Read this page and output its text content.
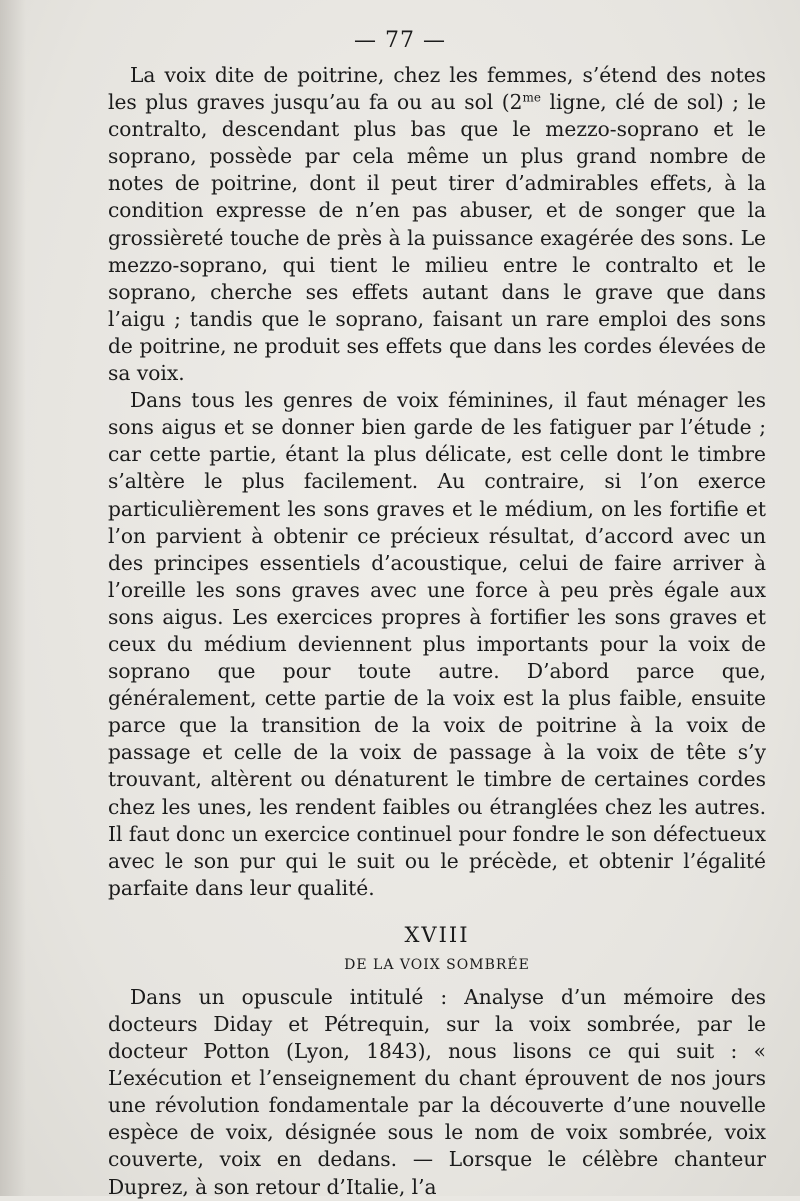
— 77 —

La voix dite de poitrine, chez les femmes, s’étend des notes les plus graves jusqu’au fa ou au sol ($2^{me}$ ligne, clé de sol) ; le contralto, descendant plus bas que le mezzo-soprano et le soprano, possède par cela même un plus grand nombre de notes de poitrine, dont il peut tirer d’admirables effets, à la condition expresse de n’en pas abuser, et de songer que la grossièreté touche de près à la puissance exagérée des sons. Le mezzo-soprano, qui tient le milieu entre le contralto et le soprano, cherche ses effets autant dans le grave que dans l’aigu ; tandis que le soprano, faisant un rare emploi des sons de poitrine, ne produit ses effets que dans les cordes élevées de sa voix.

Dans tous les genres de voix féminines, il faut ménager les sons aigus et se donner bien garde de les fatiguer par l’étude ; car cette partie, étant la plus délicate, est celle dont le timbre s’altère le plus facilement. Au contraire, si l’on exerce particulièrement les sons graves et le médium, on les fortifie et l’on parvient à obtenir ce précieux résultat, d’accord avec un des principes essentiels d’acoustique, celui de faire arriver à l’oreille les sons graves avec une force à peu près égale aux sons aigus. Les exercices propres à fortifier les sons graves et ceux du médium deviennent plus importants pour la voix de soprano que pour toute autre. D’abord parce que, généralement, cette partie de la voix est la plus faible, ensuite parce que la transition de la voix de poitrine à la voix de passage et celle de la voix de passage à la voix de tête s’y trouvant, altèrent ou dénaturent le timbre de certaines cordes chez les unes, les rendent faibles ou étranglées chez les autres. Il faut donc un exercice continuel pour fondre le son défectueux avec le son pur qui le suit ou le précède, et obtenir l’égalité parfaite dans leur qualité.

XVIII
DE LA VOIX SOMBRÉE

Dans un opuscule intitulé : Analyse d’un mémoire des docteurs Diday et Pétrequin, sur la voix sombrée, par le docteur Potton (Lyon, 1843), nous lisons ce qui suit : « L’exécution et l’enseignement du chant éprouvent de nos jours une révolution fondamentale par la découverte d’une nouvelle espèce de voix, désignée sous le nom de voix sombrée, voix couverte, voix en dedans. — Lorsque le célèbre chanteur Duprez, à son retour d’Italie, l’a
